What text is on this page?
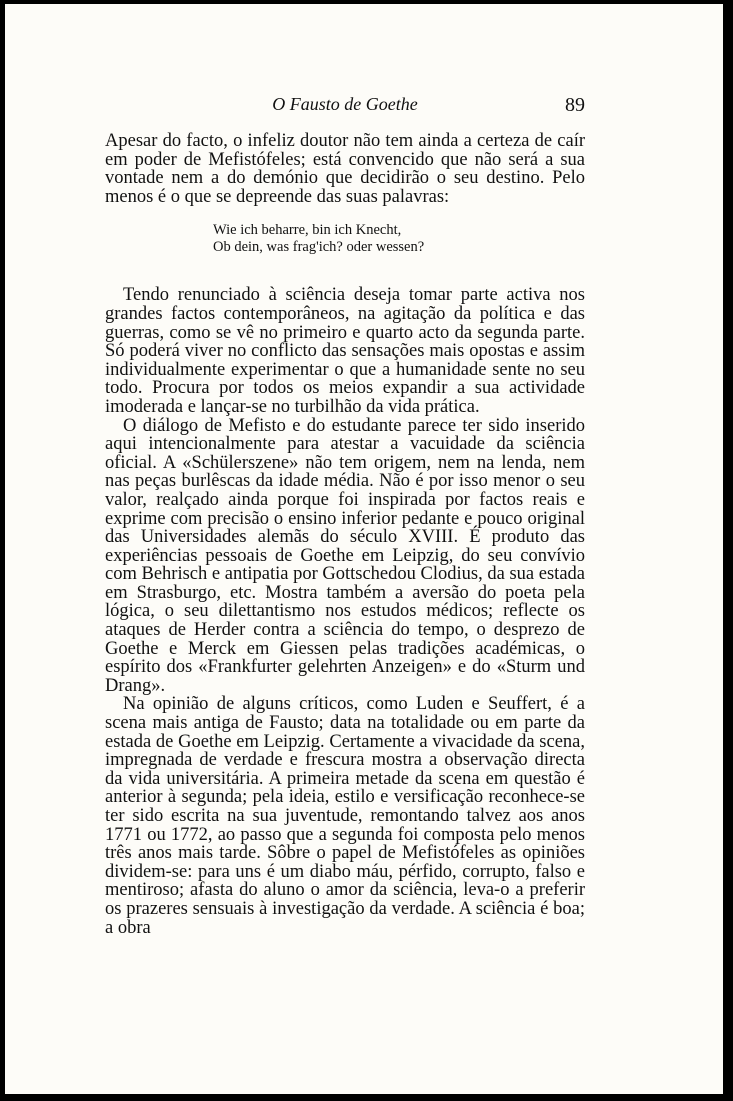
O Fausto de Goethe	89

Apesar do facto, o infeliz doutor não tem ainda a certeza de caír em poder de Mefistófeles; está convencido que não será a sua vontade nem a do demónio que decidirão o seu destino. Pelo menos é o que se depreende das suas palavras:

Wie ich beharre, bin ich Knecht,
Ob dein, was frag'ich? oder wessen?

Tendo renunciado à sciência deseja tomar parte activa nos grandes factos contemporâneos, na agitação da política e das guerras, como se vê no primeiro e quarto acto da segunda parte. Só poderá viver no conflicto das sensações mais opostas e assim individualmente experimentar o que a humanidade sente no seu todo. Procura por todos os meios expandir a sua actividade imoderada e lançar-se no turbilhão da vida prática.

O diálogo de Mefisto e do estudante parece ter sido inserido aqui intencionalmente para atestar a vacuidade da sciência oficial. A «Schülerszene» não tem origem, nem na lenda, nem nas peças burlêscas da idade média. Não é por isso menor o seu valor, realçado ainda porque foi inspirada por factos reais e exprime com precisão o ensino inferior pedante e pouco original das Universidades alemãs do século XVIII. É produto das experiências pessoais de Goethe em Leipzig, do seu convívio com Behrisch e antipatia por Gottschedou Clodius, da sua estada em Strasburgo, etc. Mostra também a aversão do poeta pela lógica, o seu dilettantismo nos estudos médicos; reflecte os ataques de Herder contra a sciência do tempo, o desprezo de Goethe e Merck em Giessen pelas tradições académicas, o espírito dos «Frankfurter gelehrten Anzeigen» e do «Sturm und Drang».

Na opinião de alguns críticos, como Luden e Seuffert, é a scena mais antiga de Fausto; data na totalidade ou em parte da estada de Goethe em Leipzig. Certamente a vivacidade da scena, impregnada de verdade e frescura mostra a observação directa da vida universitária. A primeira metade da scena em questão é anterior à segunda; pela ideia, estilo e versificação reconhece-se ter sido escrita na sua juventude, remontando talvez aos anos 1771 ou 1772, ao passo que a segunda foi composta pelo menos três anos mais tarde. Sôbre o papel de Mefistófeles as opiniões dividem-se: para uns é um diabo máu, pérfido, corrupto, falso e mentiroso; afasta do aluno o amor da sciência, leva-o a preferir os prazeres sensuais à investigação da verdade. A sciência é boa; a obra
